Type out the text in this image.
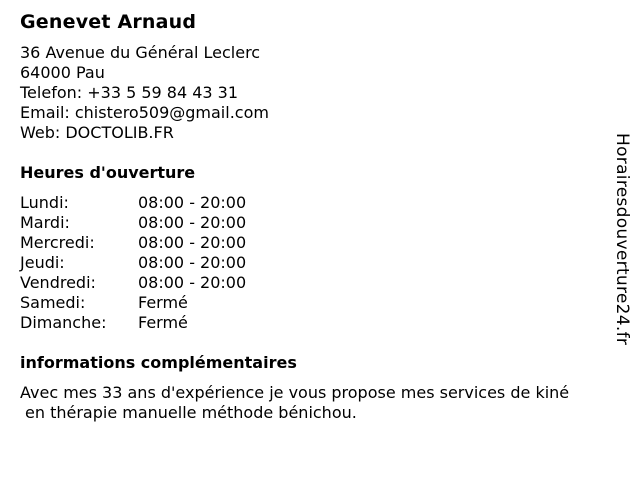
Genevet Arnaud
36 Avenue du Général Leclerc
64000 Pau
Telefon: +33 5 59 84 43 31
Email: chistero509@gmail.com
Web: DOCTOLIB.FR
Heures d'ouverture
Lundi:	08:00 - 20:00
Mardi:	08:00 - 20:00
Mercredi:	08:00 - 20:00
Jeudi:	08:00 - 20:00
Vendredi:	08:00 - 20:00
Samedi:	Fermé
Dimanche:	Fermé
informations complémentaires
Avec mes 33 ans d'expérience je vous propose mes services de kiné
en thérapie manuelle méthode bénichou.
Horairesdouverture24.fr
